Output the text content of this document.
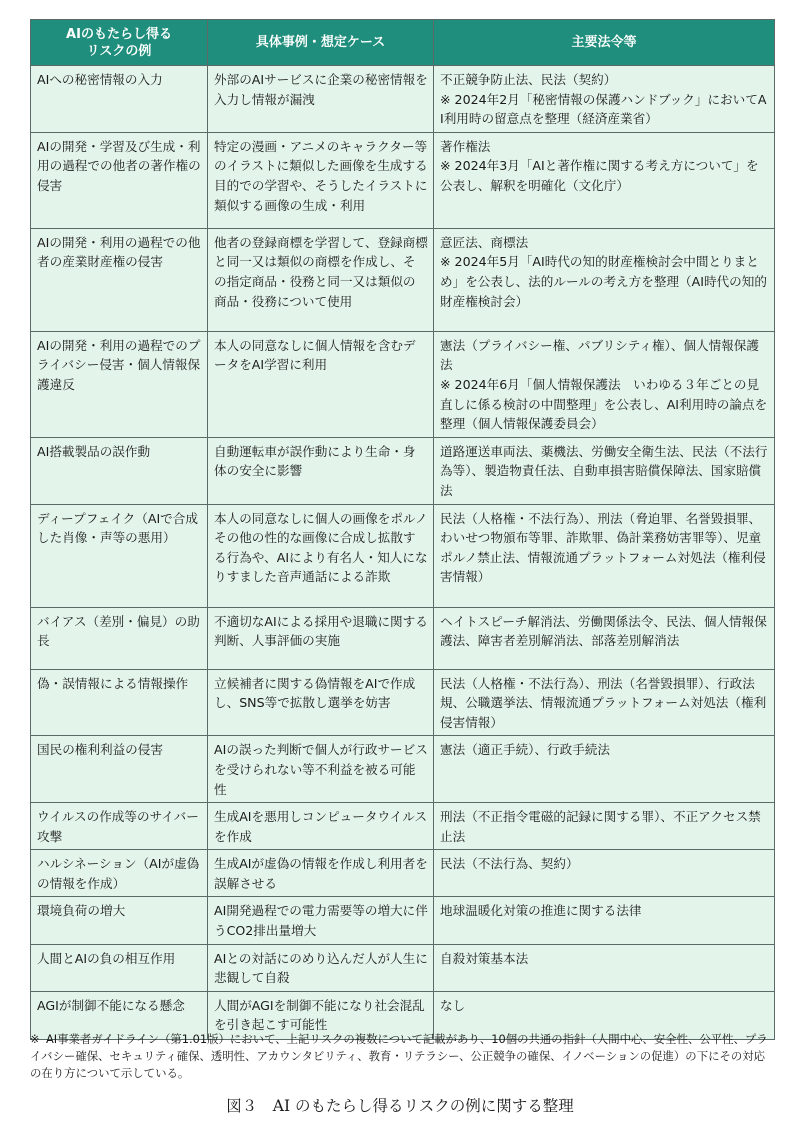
AIのもたらし得る
リスクの例	具体事例・想定ケース	主要法令等

AIへの秘密情報の入力	外部のAIサービスに企業の秘密情報を入力し情報が漏洩	不正競争防止法、民法（契約）
※ 2024年2月「秘密情報の保護ハンドブック」においてAI利用時の留意点を整理（経済産業省）

AIの開発・学習及び生成・利用の過程での他者の著作権の侵害	特定の漫画・アニメのキャラクター等のイラストに類似した画像を生成する目的での学習や、そうしたイラストに類似する画像の生成・利用	著作権法
※ 2024年3月「AIと著作権に関する考え方について」を公表し、解釈を明確化（文化庁）

AIの開発・利用の過程での他者の産業財産権の侵害	他者の登録商標を学習して、登録商標と同一又は類似の商標を作成し、その指定商品・役務と同一又は類似の商品・役務について使用	意匠法、商標法
※ 2024年5月「AI時代の知的財産権検討会中間とりまとめ」を公表し、法的ルールの考え方を整理（AI時代の知的財産権検討会）

AIの開発・利用の過程でのプライバシー侵害・個人情報保護違反	本人の同意なしに個人情報を含むデータをAI学習に利用	憲法（プライバシー権、パブリシティ権）、個人情報保護法
※ 2024年6月「個人情報保護法　いわゆる３年ごとの見直しに係る検討の中間整理」を公表し、AI利用時の論点を整理（個人情報保護委員会）

AI搭載製品の誤作動	自動運転車が誤作動により生命・身体の安全に影響	道路運送車両法、薬機法、労働安全衛生法、民法（不法行為等）、製造物責任法、自動車損害賠償保障法、国家賠償法

ディープフェイク（AIで合成した肖像・声等の悪用）	本人の同意なしに個人の画像をポルノその他の性的な画像に合成し拡散する行為や、AIにより有名人・知人になりすました音声通話による詐欺	民法（人格権・不法行為）、刑法（脅迫罪、名誉毀損罪、わいせつ物頒布等罪、詐欺罪、偽計業務妨害罪等）、児童ポルノ禁止法、情報流通プラットフォーム対処法（権利侵害情報）

バイアス（差別・偏見）の助長	不適切なAIによる採用や退職に関する判断、人事評価の実施	ヘイトスピーチ解消法、労働関係法令、民法、個人情報保護法、障害者差別解消法、部落差別解消法

偽・誤情報による情報操作	立候補者に関する偽情報をAIで作成し、SNS等で拡散し選挙を妨害	民法（人格権・不法行為）、刑法（名誉毀損罪）、行政法規、公職選挙法、情報流通プラットフォーム対処法（権利侵害情報）

国民の権利利益の侵害	AIの誤った判断で個人が行政サービスを受けられない等不利益を被る可能性	憲法（適正手続）、行政手続法

ウイルスの作成等のサイバー攻撃	生成AIを悪用しコンピュータウイルスを作成	刑法（不正指令電磁的記録に関する罪）、不正アクセス禁止法

ハルシネーション（AIが虚偽の情報を作成）	生成AIが虚偽の情報を作成し利用者を誤解させる	民法（不法行為、契約）

環境負荷の増大	AI開発過程での電力需要等の増大に伴うCO2排出量増大	地球温暖化対策の推進に関する法律

人間とAIの負の相互作用	AIとの対話にのめり込んだ人が人生に悲観して自殺	自殺対策基本法

AGIが制御不能になる懸念	人間がAGIを制御不能になり社会混乱を引き起こす可能性	なし
※ AI事業者ガイドライン（第1.01版）において、上記リスクの複数について記載があり、10個の共通の指針（人間中心、安全性、公平性、プライバシー確保、セキュリティ確保、透明性、アカウンタビリティ、教育・リテラシー、公正競争の確保、イノベーションの促進）の下にその対応の在り方について示している。
図３　AI のもたらし得るリスクの例に関する整理
